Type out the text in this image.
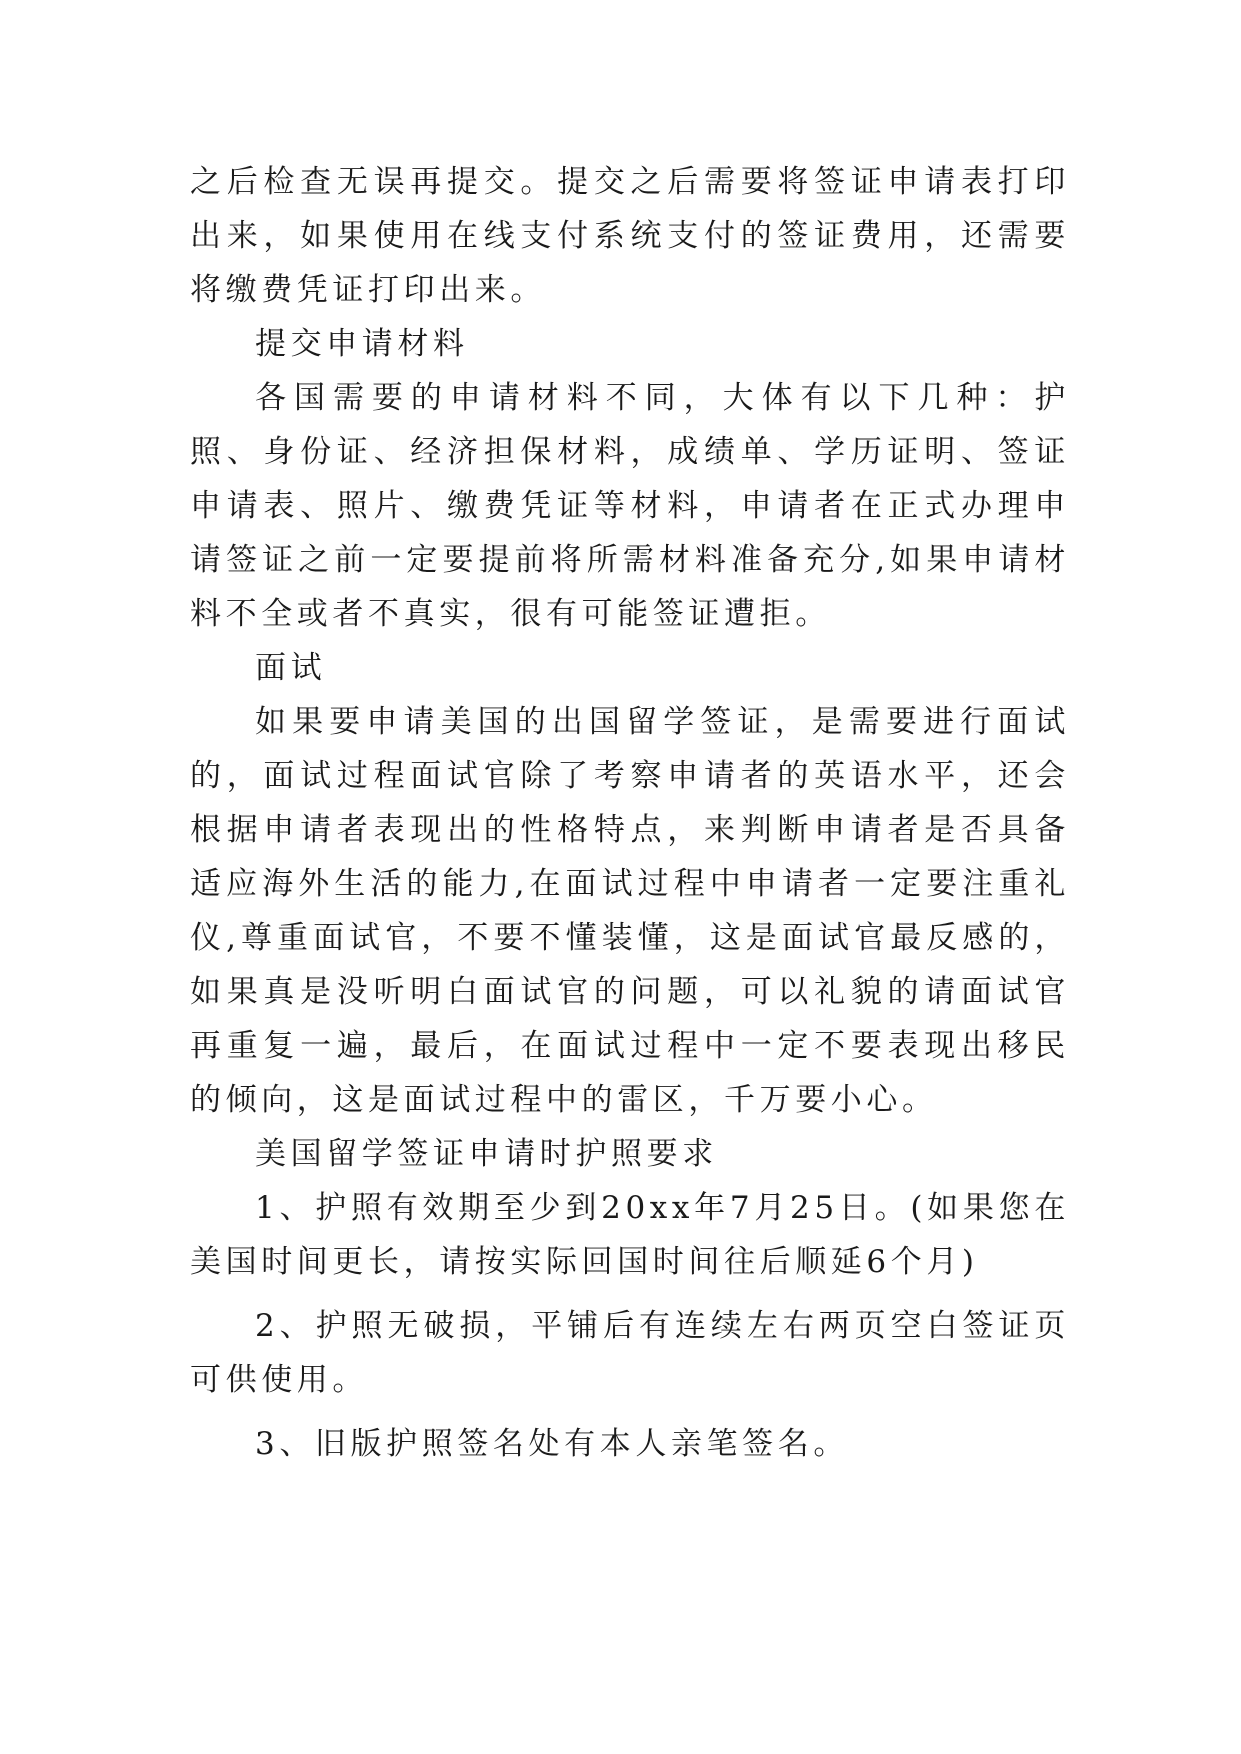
之后检查无误再提交。提交之后需要将签证申请表打印出来，如果使用在线支付系统支付的签证费用，还需要将缴费凭证打印出来。

提交申请材料

各国需要的申请材料不同，大体有以下几种：护照、身份证、经济担保材料，成绩单、学历证明、签证申请表、照片、缴费凭证等材料，申请者在正式办理申请签证之前一定要提前将所需材料准备充分,如果申请材料不全或者不真实，很有可能签证遭拒。

面试

如果要申请美国的出国留学签证，是需要进行面试的，面试过程面试官除了考察申请者的英语水平，还会根据申请者表现出的性格特点，来判断申请者是否具备适应海外生活的能力,在面试过程中申请者一定要注重礼仪,尊重面试官，不要不懂装懂，这是面试官最反感的，如果真是没听明白面试官的问题，可以礼貌的请面试官再重复一遍，最后，在面试过程中一定不要表现出移民的倾向，这是面试过程中的雷区，千万要小心。

美国留学签证申请时护照要求

1、护照有效期至少到20xx年7月25日。(如果您在美国时间更长，请按实际回国时间往后顺延6个月)

2、护照无破损，平铺后有连续左右两页空白签证页可供使用。

3、旧版护照签名处有本人亲笔签名。
